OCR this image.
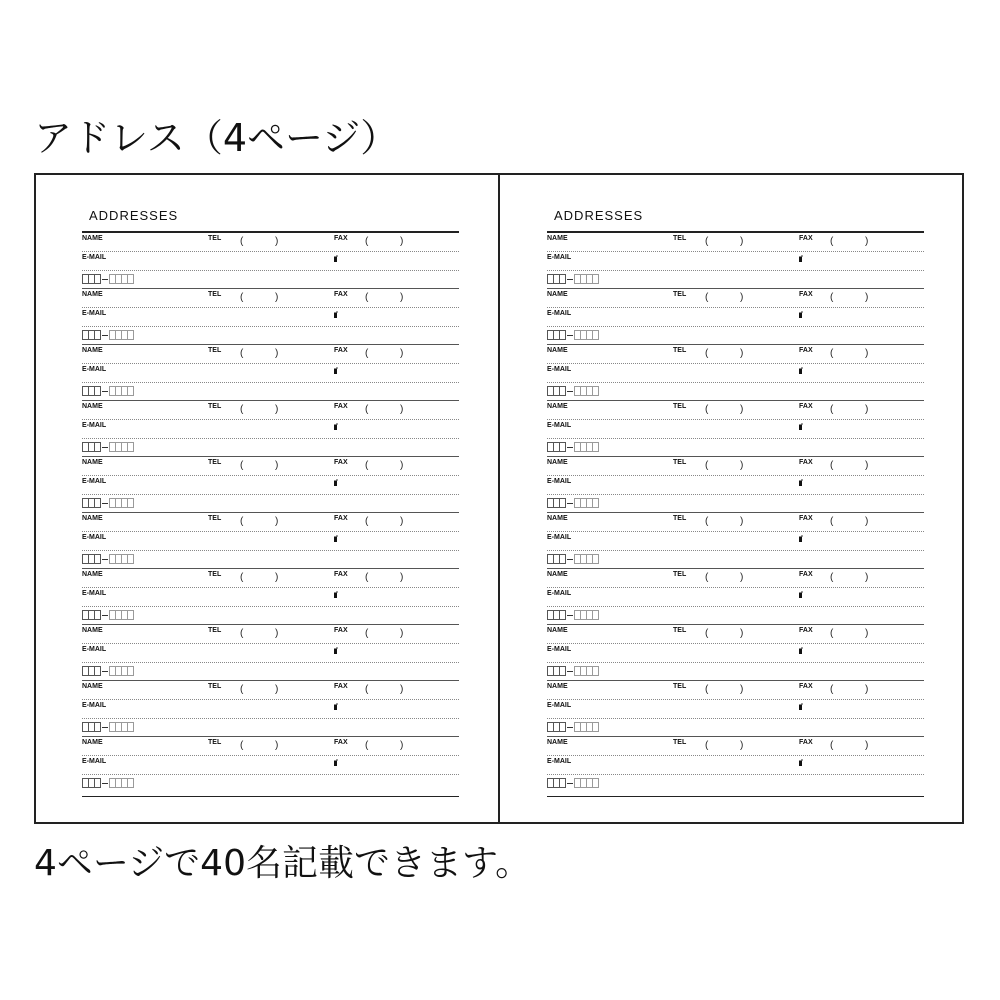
アドレス（4ページ）
ADDRESSES
NAME	TEL (	)	FAX (	)
E-MAIL
NAME	TEL (	)	FAX (	)
E-MAIL
NAME	TEL (	)	FAX (	)
E-MAIL
NAME	TEL (	)	FAX (	)
E-MAIL
NAME	TEL (	)	FAX (	)
E-MAIL
NAME	TEL (	)	FAX (	)
E-MAIL
NAME	TEL (	)	FAX (	)
E-MAIL
NAME	TEL (	)	FAX (	)
E-MAIL
NAME	TEL (	)	FAX (	)
E-MAIL
NAME	TEL (	)	FAX (	)
E-MAIL
ADDRESSES
NAME	TEL (	)	FAX (	)
E-MAIL
NAME	TEL (	)	FAX (	)
E-MAIL
NAME	TEL (	)	FAX (	)
E-MAIL
NAME	TEL (	)	FAX (	)
E-MAIL
NAME	TEL (	)	FAX (	)
E-MAIL
NAME	TEL (	)	FAX (	)
E-MAIL
NAME	TEL (	)	FAX (	)
E-MAIL
NAME	TEL (	)	FAX (	)
E-MAIL
NAME	TEL (	)	FAX (	)
E-MAIL
NAME	TEL (	)	FAX (	)
E-MAIL
4ページで40名記載できます。
